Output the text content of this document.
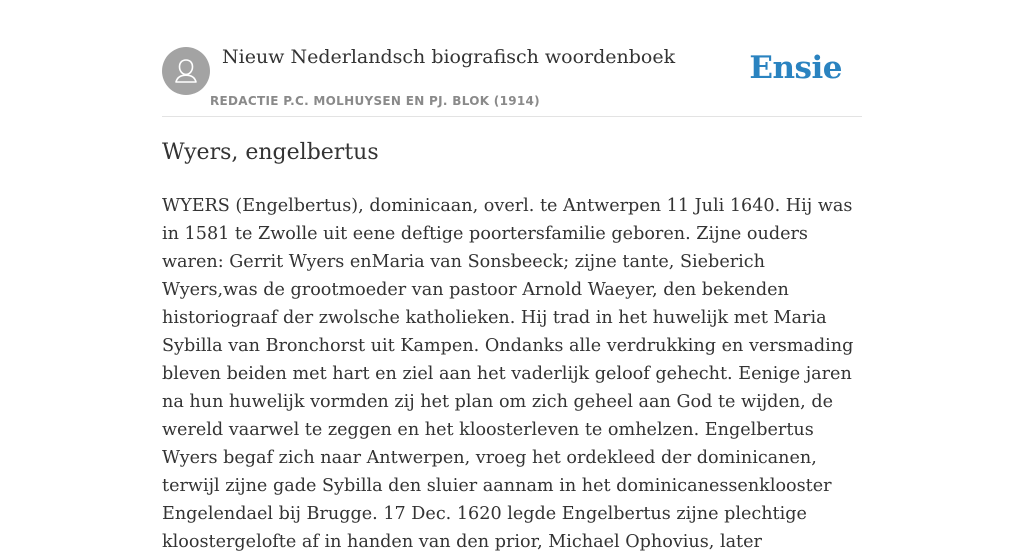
Nieuw Nederlandsch biografisch woordenboek
REDACTIE P.C. MOLHUYSEN EN PJ. BLOK (1914)
Ensie
Wyers, engelbertus

WYERS (Engelbertus), dominicaan, overl. te Antwerpen 11 Juli 1640. Hij was in 1581 te Zwolle uit eene deftige poortersfamilie geboren. Zijne ouders waren: Gerrit Wyers enMaria van Sonsbeeck; zijne tante, Sieberich Wyers,was de grootmoeder van pastoor Arnold Waeyer, den bekenden historiograaf der zwolsche katholieken. Hij trad in het huwelijk met Maria Sybilla van Bronchorst uit Kampen. Ondanks alle verdrukking en versmading bleven beiden met hart en ziel aan het vaderlijk geloof gehecht. Eenige jaren na hun huwelijk vormden zij het plan om zich geheel aan God te wijden, de wereld vaarwel te zeggen en het kloosterleven te omhelzen. Engelbertus Wyers begaf zich naar Antwerpen, vroeg het ordekleed der dominicanen, terwijl zijne gade Sybilla den sluier aannam in het dominicanessenklooster Engelendael bij Brugge. 17 Dec. 1620 legde Engelbertus zijne plechtige kloostergelofte af in handen van den prior, Michael Ophovius, later
